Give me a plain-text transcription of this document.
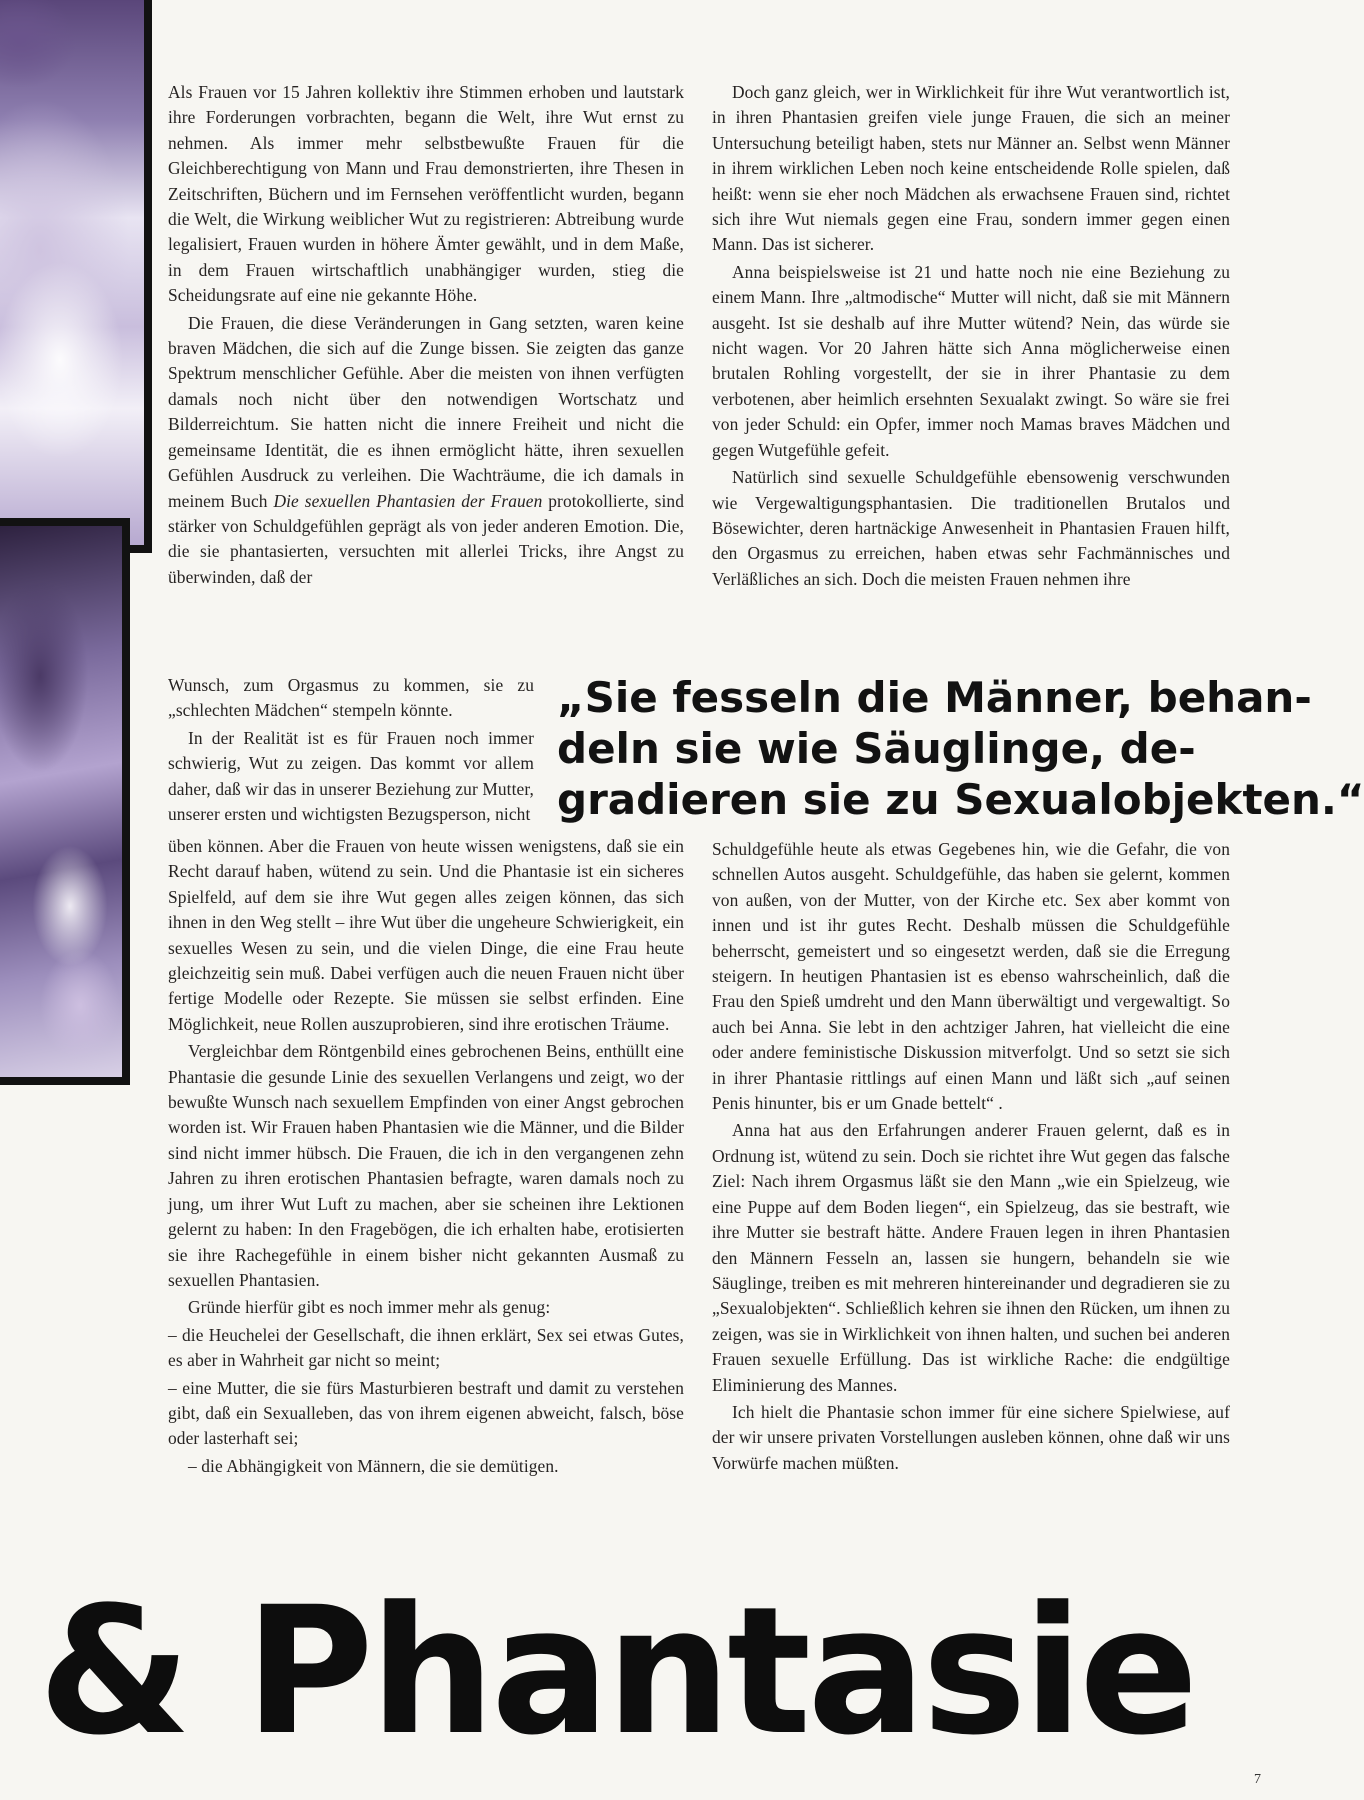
Als Frauen vor 15 Jahren kollektiv ihre Stimmen erhoben und lautstark ihre Forderungen vorbrachten, begann die Welt, ihre Wut ernst zu nehmen. Als immer mehr selbstbewußte Frauen für die Gleichberechtigung von Mann und Frau demonstrierten, ihre Thesen in Zeitschriften, Büchern und im Fernsehen veröffentlicht wurden, begann die Welt, die Wirkung weiblicher Wut zu registrieren: Abtreibung wurde legalisiert, Frauen wurden in höhere Ämter gewählt, und in dem Maße, in dem Frauen wirtschaftlich unabhängiger wurden, stieg die Scheidungsrate auf eine nie gekannte Höhe.

Die Frauen, die diese Veränderungen in Gang setzten, waren keine braven Mädchen, die sich auf die Zunge bissen. Sie zeigten das ganze Spektrum menschlicher Gefühle. Aber die meisten von ihnen verfügten damals noch nicht über den notwendigen Wortschatz und Bilderreichtum. Sie hatten nicht die innere Freiheit und nicht die gemeinsame Identität, die es ihnen ermöglicht hätte, ihren sexuellen Gefühlen Ausdruck zu verleihen. Die Wachträume, die ich damals in meinem Buch Die sexuellen Phantasien der Frauen protokollierte, sind stärker von Schuldgefühlen geprägt als von jeder anderen Emotion. Die, die sie phantasierten, versuchten mit allerlei Tricks, ihre Angst zu überwinden, daß der

Wunsch, zum Orgasmus zu kommen, sie zu „schlechten Mädchen“ stempeln könnte.

In der Realität ist es für Frauen noch immer schwierig, Wut zu zeigen. Das kommt vor allem daher, daß wir das in unserer Beziehung zur Mutter, unserer ersten und wichtigsten Bezugsperson, nicht

üben können. Aber die Frauen von heute wissen wenigstens, daß sie ein Recht darauf haben, wütend zu sein. Und die Phantasie ist ein sicheres Spielfeld, auf dem sie ihre Wut gegen alles zeigen können, das sich ihnen in den Weg stellt – ihre Wut über die ungeheure Schwierigkeit, ein sexuelles Wesen zu sein, und die vielen Dinge, die eine Frau heute gleichzeitig sein muß. Dabei verfügen auch die neuen Frauen nicht über fertige Modelle oder Rezepte. Sie müssen sie selbst erfinden. Eine Möglichkeit, neue Rollen auszuprobieren, sind ihre erotischen Träume.

Vergleichbar dem Röntgenbild eines gebrochenen Beins, enthüllt eine Phantasie die gesunde Linie des sexuellen Verlangens und zeigt, wo der bewußte Wunsch nach sexuellem Empfinden von einer Angst gebrochen worden ist. Wir Frauen haben Phantasien wie die Männer, und die Bilder sind nicht immer hübsch. Die Frauen, die ich in den vergangenen zehn Jahren zu ihren erotischen Phantasien befragte, waren damals noch zu jung, um ihrer Wut Luft zu machen, aber sie scheinen ihre Lektionen gelernt zu haben: In den Fragebögen, die ich erhalten habe, erotisierten sie ihre Rachegefühle in einem bisher nicht gekannten Ausmaß zu sexuellen Phantasien.

Gründe hierfür gibt es noch immer mehr als genug:

– die Heuchelei der Gesellschaft, die ihnen erklärt, Sex sei etwas Gutes, es aber in Wahrheit gar nicht so meint;

– eine Mutter, die sie fürs Masturbieren bestraft und damit zu verstehen gibt, daß ein Sexualleben, das von ihrem eigenen abweicht, falsch, böse oder lasterhaft sei;

– die Abhängigkeit von Männern, die sie demütigen.

Doch ganz gleich, wer in Wirklichkeit für ihre Wut verantwortlich ist, in ihren Phantasien greifen viele junge Frauen, die sich an meiner Untersuchung beteiligt haben, stets nur Männer an. Selbst wenn Männer in ihrem wirklichen Leben noch keine entscheidende Rolle spielen, daß heißt: wenn sie eher noch Mädchen als erwachsene Frauen sind, richtet sich ihre Wut niemals gegen eine Frau, sondern immer gegen einen Mann. Das ist sicherer.

Anna beispielsweise ist 21 und hatte noch nie eine Beziehung zu einem Mann. Ihre „altmodische“ Mutter will nicht, daß sie mit Männern ausgeht. Ist sie deshalb auf ihre Mutter wütend? Nein, das würde sie nicht wagen. Vor 20 Jahren hätte sich Anna möglicherweise einen brutalen Rohling vorgestellt, der sie in ihrer Phantasie zu dem verbotenen, aber heimlich ersehnten Sexualakt zwingt. So wäre sie frei von jeder Schuld: ein Opfer, immer noch Mamas braves Mädchen und gegen Wutgefühle gefeit.

Natürlich sind sexuelle Schuldgefühle ebensowenig verschwunden wie Vergewaltigungsphantasien. Die traditionellen Brutalos und Bösewichter, deren hartnäckige Anwesenheit in Phantasien Frauen hilft, den Orgasmus zu erreichen, haben etwas sehr Fachmännisches und Verläßliches an sich. Doch die meisten Frauen nehmen ihre

„Sie fesseln die Männer, behan-
deln sie wie Säuglinge, de-
gradieren sie zu Sexualobjekten.“

Schuldgefühle heute als etwas Gegebenes hin, wie die Gefahr, die von schnellen Autos ausgeht. Schuldgefühle, das haben sie gelernt, kommen von außen, von der Mutter, von der Kirche etc. Sex aber kommt von innen und ist ihr gutes Recht. Deshalb müssen die Schuldgefühle beherrscht, gemeistert und so eingesetzt werden, daß sie die Erregung steigern. In heutigen Phantasien ist es ebenso wahrscheinlich, daß die Frau den Spieß umdreht und den Mann überwältigt und vergewaltigt. So auch bei Anna. Sie lebt in den achtziger Jahren, hat vielleicht die eine oder andere feministische Diskussion mitverfolgt. Und so setzt sie sich in ihrer Phantasie rittlings auf einen Mann und läßt sich „auf seinen Penis hinunter, bis er um Gnade bettelt“ .

Anna hat aus den Erfahrungen anderer Frauen gelernt, daß es in Ordnung ist, wütend zu sein. Doch sie richtet ihre Wut gegen das falsche Ziel: Nach ihrem Orgasmus läßt sie den Mann „wie ein Spielzeug, wie eine Puppe auf dem Boden liegen“, ein Spielzeug, das sie bestraft, wie ihre Mutter sie bestraft hätte. Andere Frauen legen in ihren Phantasien den Männern Fesseln an, lassen sie hungern, behandeln sie wie Säuglinge, treiben es mit mehreren hintereinander und degradieren sie zu „Sexualobjekten“. Schließlich kehren sie ihnen den Rücken, um ihnen zu zeigen, was sie in Wirklichkeit von ihnen halten, und suchen bei anderen Frauen sexuelle Erfüllung. Das ist wirkliche Rache: die endgültige Eliminierung des Mannes.

Ich hielt die Phantasie schon immer für eine sichere Spielwiese, auf der wir unsere privaten Vorstellungen ausleben können, ohne daß wir uns Vorwürfe machen müßten.

& Phantasie
7
